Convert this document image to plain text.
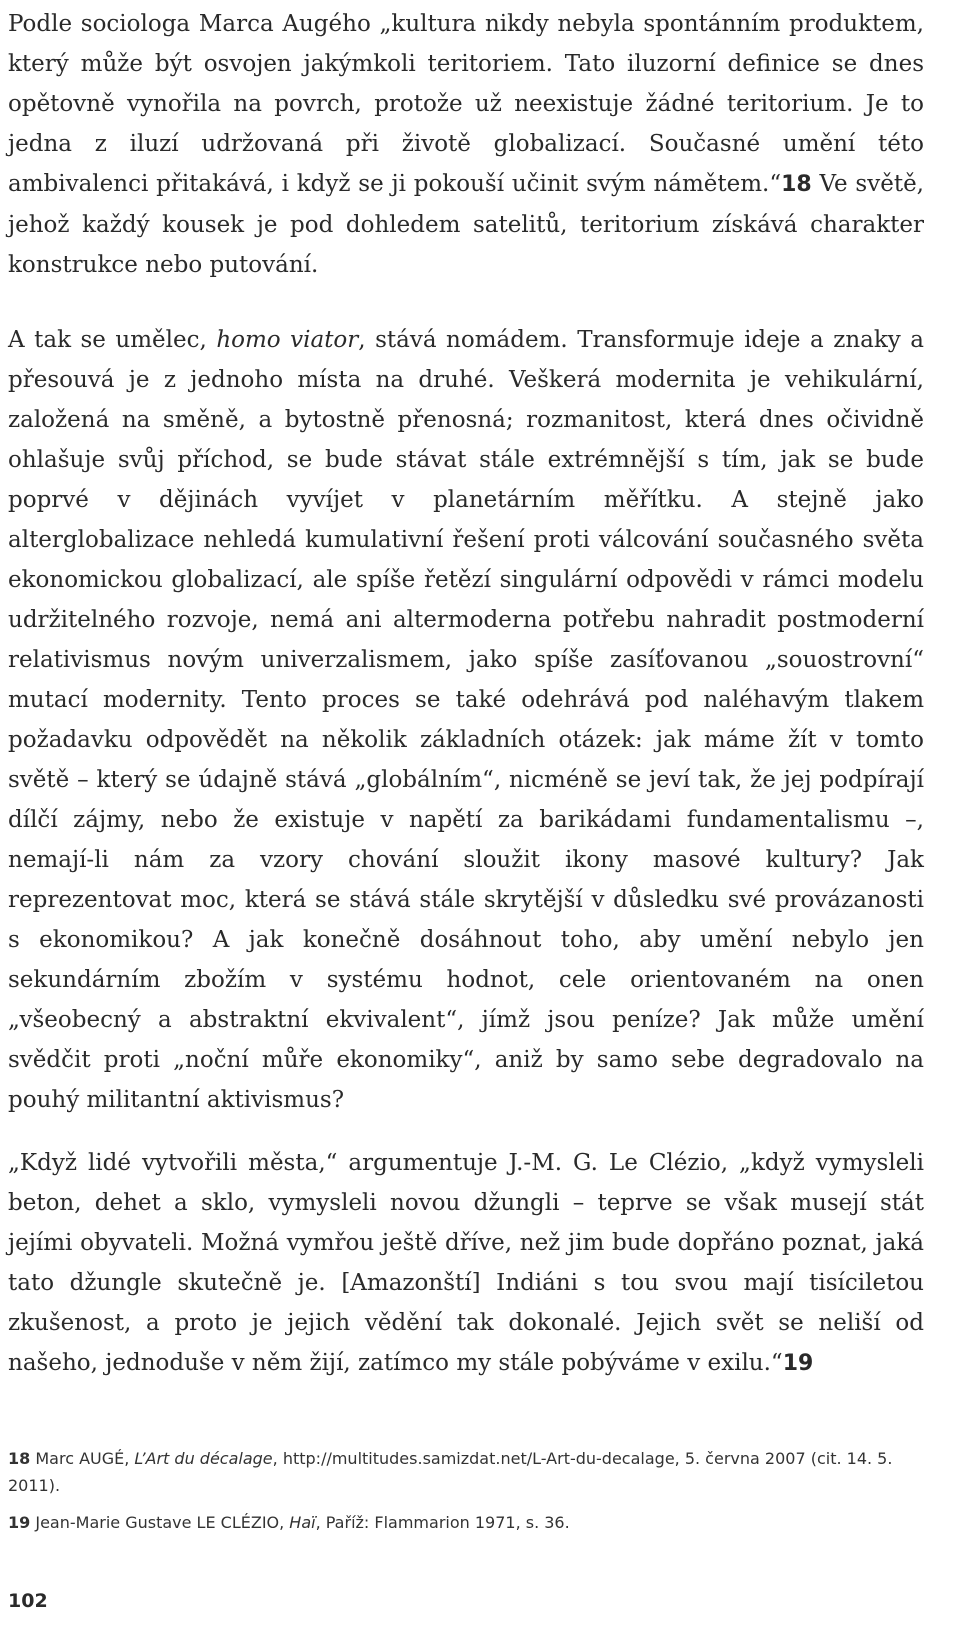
Podle sociologa Marca Augého „kultura nikdy nebyla spontánním produktem, který může být osvojen jakýmkoli teritoriem. Tato iluzorní definice se dnes opětovně vynořila na povrch, protože už neexistuje žádné teritorium. Je to jedna z iluzí udržovaná při životě globalizací. Současné umění této ambivalenci přitakává, i když se ji pokouší učinit svým námětem.“18 Ve světě, jehož každý kousek je pod dohledem satelitů, teritorium získává charakter konstrukce nebo putování.

A tak se umělec, homo viator, stává nomádem. Transformuje ideje a znaky a přesouvá je z jednoho místa na druhé. Veškerá modernita je vehikulární, založená na směně, a bytostně přenosná; rozmanitost, která dnes očividně ohlašuje svůj příchod, se bude stávat stále extrémnější s tím, jak se bude poprvé v dějinách vyvíjet v planetárním měřítku. A stejně jako alterglobalizace nehledá kumulativní řešení proti válcování současného světa ekonomickou globalizací, ale spíše řetězí singulární odpovědi v rámci modelu udržitelného rozvoje, nemá ani altermoderna potřebu nahradit postmoderní relativismus novým univerzalismem, jako spíše zasíťovanou „souostrovní“ mutací modernity. Tento proces se také odehrává pod naléhavým tlakem požadavku odpovědět na několik základních otázek: jak máme žít v tomto světě – který se údajně stává „globálním“, nicméně se jeví tak, že jej podpírají dílčí zájmy, nebo že existuje v napětí za barikádami fundamentalismu –, nemají-li nám za vzory chování sloužit ikony masové kultury? Jak reprezentovat moc, která se stává stále skrytější v důsledku své provázanosti s ekonomikou? A jak konečně dosáhnout toho, aby umění nebylo jen sekundárním zbožím v systému hodnot, cele orientovaném na onen „všeobecný a abstraktní ekvivalent“, jímž jsou peníze? Jak může umění svědčit proti „noční můře ekonomiky“, aniž by samo sebe degradovalo na pouhý militantní aktivismus?

„Když lidé vytvořili města,“ argumentuje J.-M. G. Le Clézio, „když vymysleli beton, dehet a sklo, vymysleli novou džungli – teprve se však musejí stát jejími obyvateli. Možná vymřou ještě dříve, než jim bude dopřáno poznat, jaká tato džungle skutečně je. [Amazonští] Indiáni s tou svou mají tisíciletou zkušenost, a proto je jejich vědění tak dokonalé. Jejich svět se neliší od našeho, jednoduše v něm žijí, zatímco my stále pobýváme v exilu.“19

18 Marc AUGÉ, L’Art du décalage, http://multitudes.samizdat.net/L-Art-du-decalage, 5. června 2007 (cit. 14. 5. 2011).

19 Jean-Marie Gustave LE CLÉZIO, Haï, Paříž: Flammarion 1971, s. 36.

102
